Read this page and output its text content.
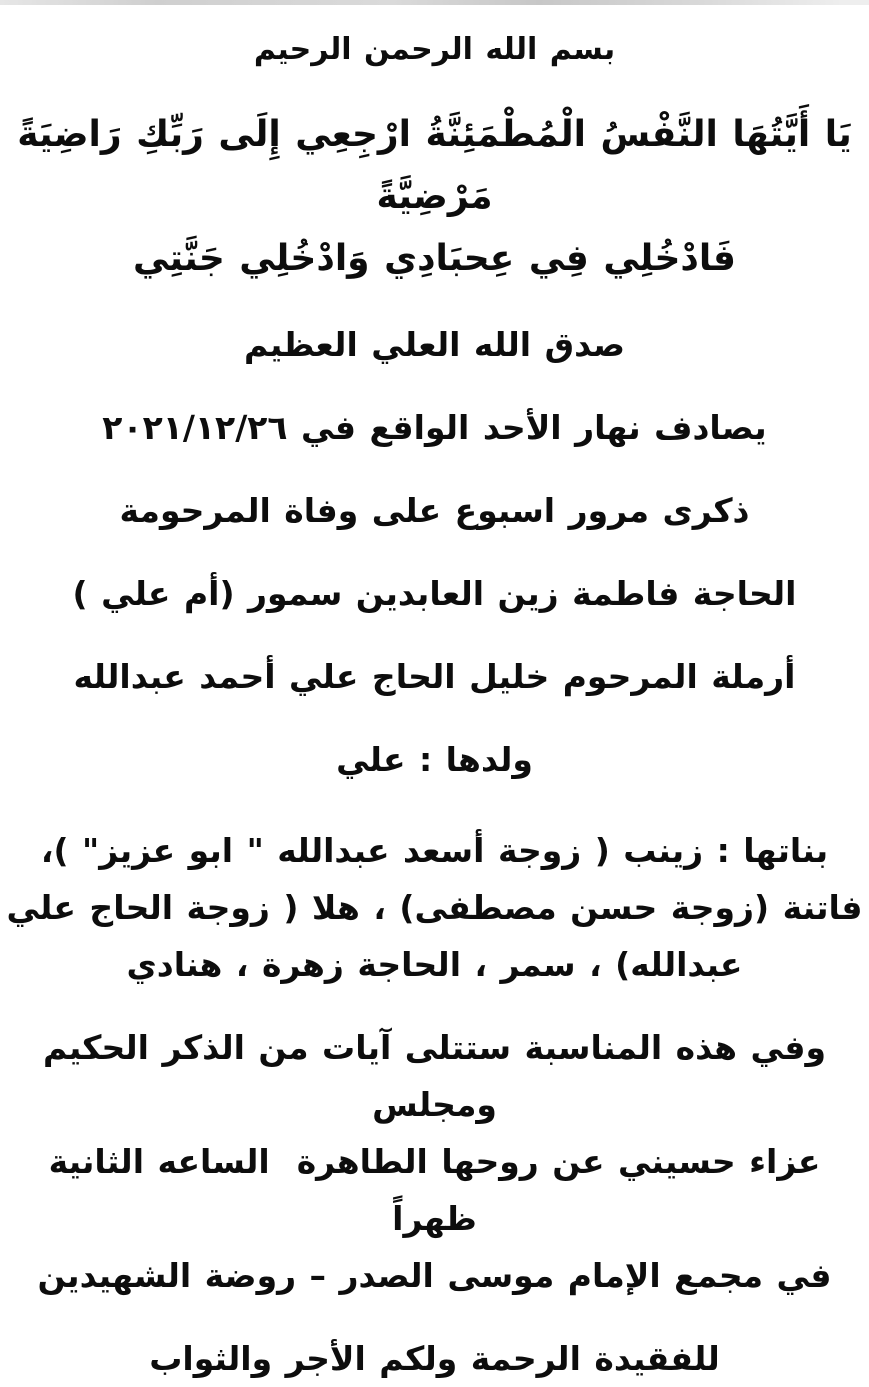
بسم الله الرحمن الرحيم
يَا أَيَّتُهَا النَّفْسُ الْمُطْمَئِنَّةُ ارْجِعِي إِلَى رَبِّكِ رَاضِيَةً مَرْضِيَّةً
فَادْخُلِي فِي عِحبَادِي وَادْخُلِي جَنَّتِي
صدق الله العلي العظيم
يصادف نهار الأحد الواقع في ٢٠٢١/١٢/٢٦
ذكرى مرور اسبوع على وفاة المرحومة
الحاجة فاطمة زين العابدين سمور (أم علي )
أرملة المرحوم خليل الحاج علي أحمد عبدالله
ولدها : علي
بناتها : زينب ( زوجة أسعد عبدالله " ابو عزيز" )،
فاتنة (زوجة حسن مصطفى) ، هلا ( زوجة الحاج علي
عبدالله) ، سمر ، الحاجة زهرة ، هنادي
وفي هذه المناسبة ستتلى آيات من الذكر الحكيم ومجلس
عزاء حسيني عن روحها الطاهرة  الساعه الثانية ظهراً
في مجمع الإمام موسى الصدر – روضة الشهيدين
للفقيدة الرحمة ولكم الأجر والثواب
